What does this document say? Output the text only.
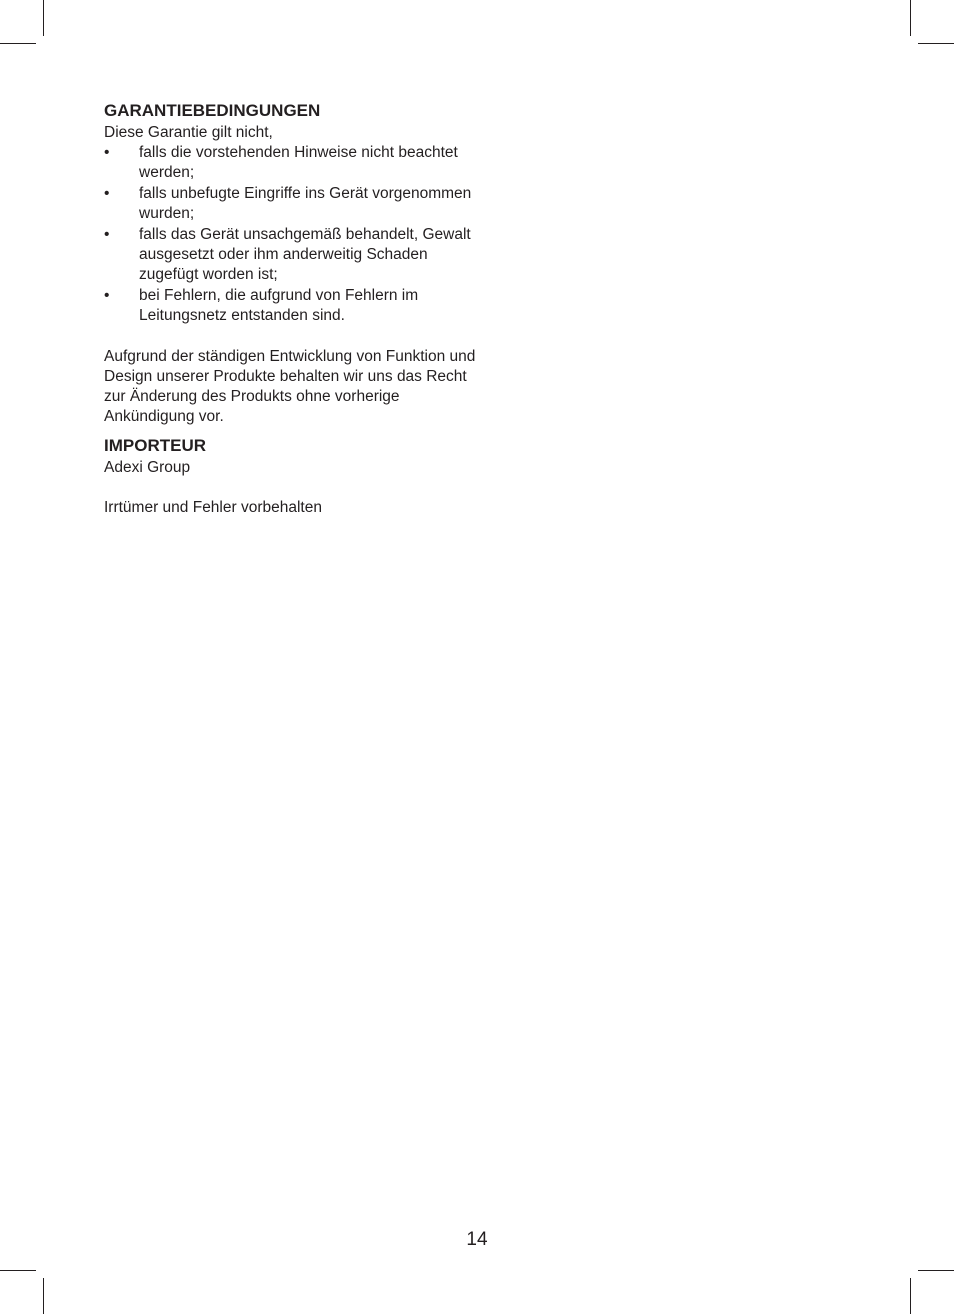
GARANTIEBEDINGUNGEN

Diese Garantie gilt nicht,

• falls die vorstehenden Hinweise nicht beachtet werden;
• falls unbefugte Eingriffe ins Gerät vorgenommen wurden;
• falls das Gerät unsachgemäß behandelt, Gewalt ausgesetzt oder ihm anderweitig Schaden zugefügt worden ist;
• bei Fehlern, die aufgrund von Fehlern im Leitungsnetz entstanden sind.

Aufgrund der ständigen Entwicklung von Funktion und Design unserer Produkte behalten wir uns das Recht zur Änderung des Produkts ohne vorherige Ankündigung vor.

IMPORTEUR

Adexi Group

Irrtümer und Fehler vorbehalten

14
